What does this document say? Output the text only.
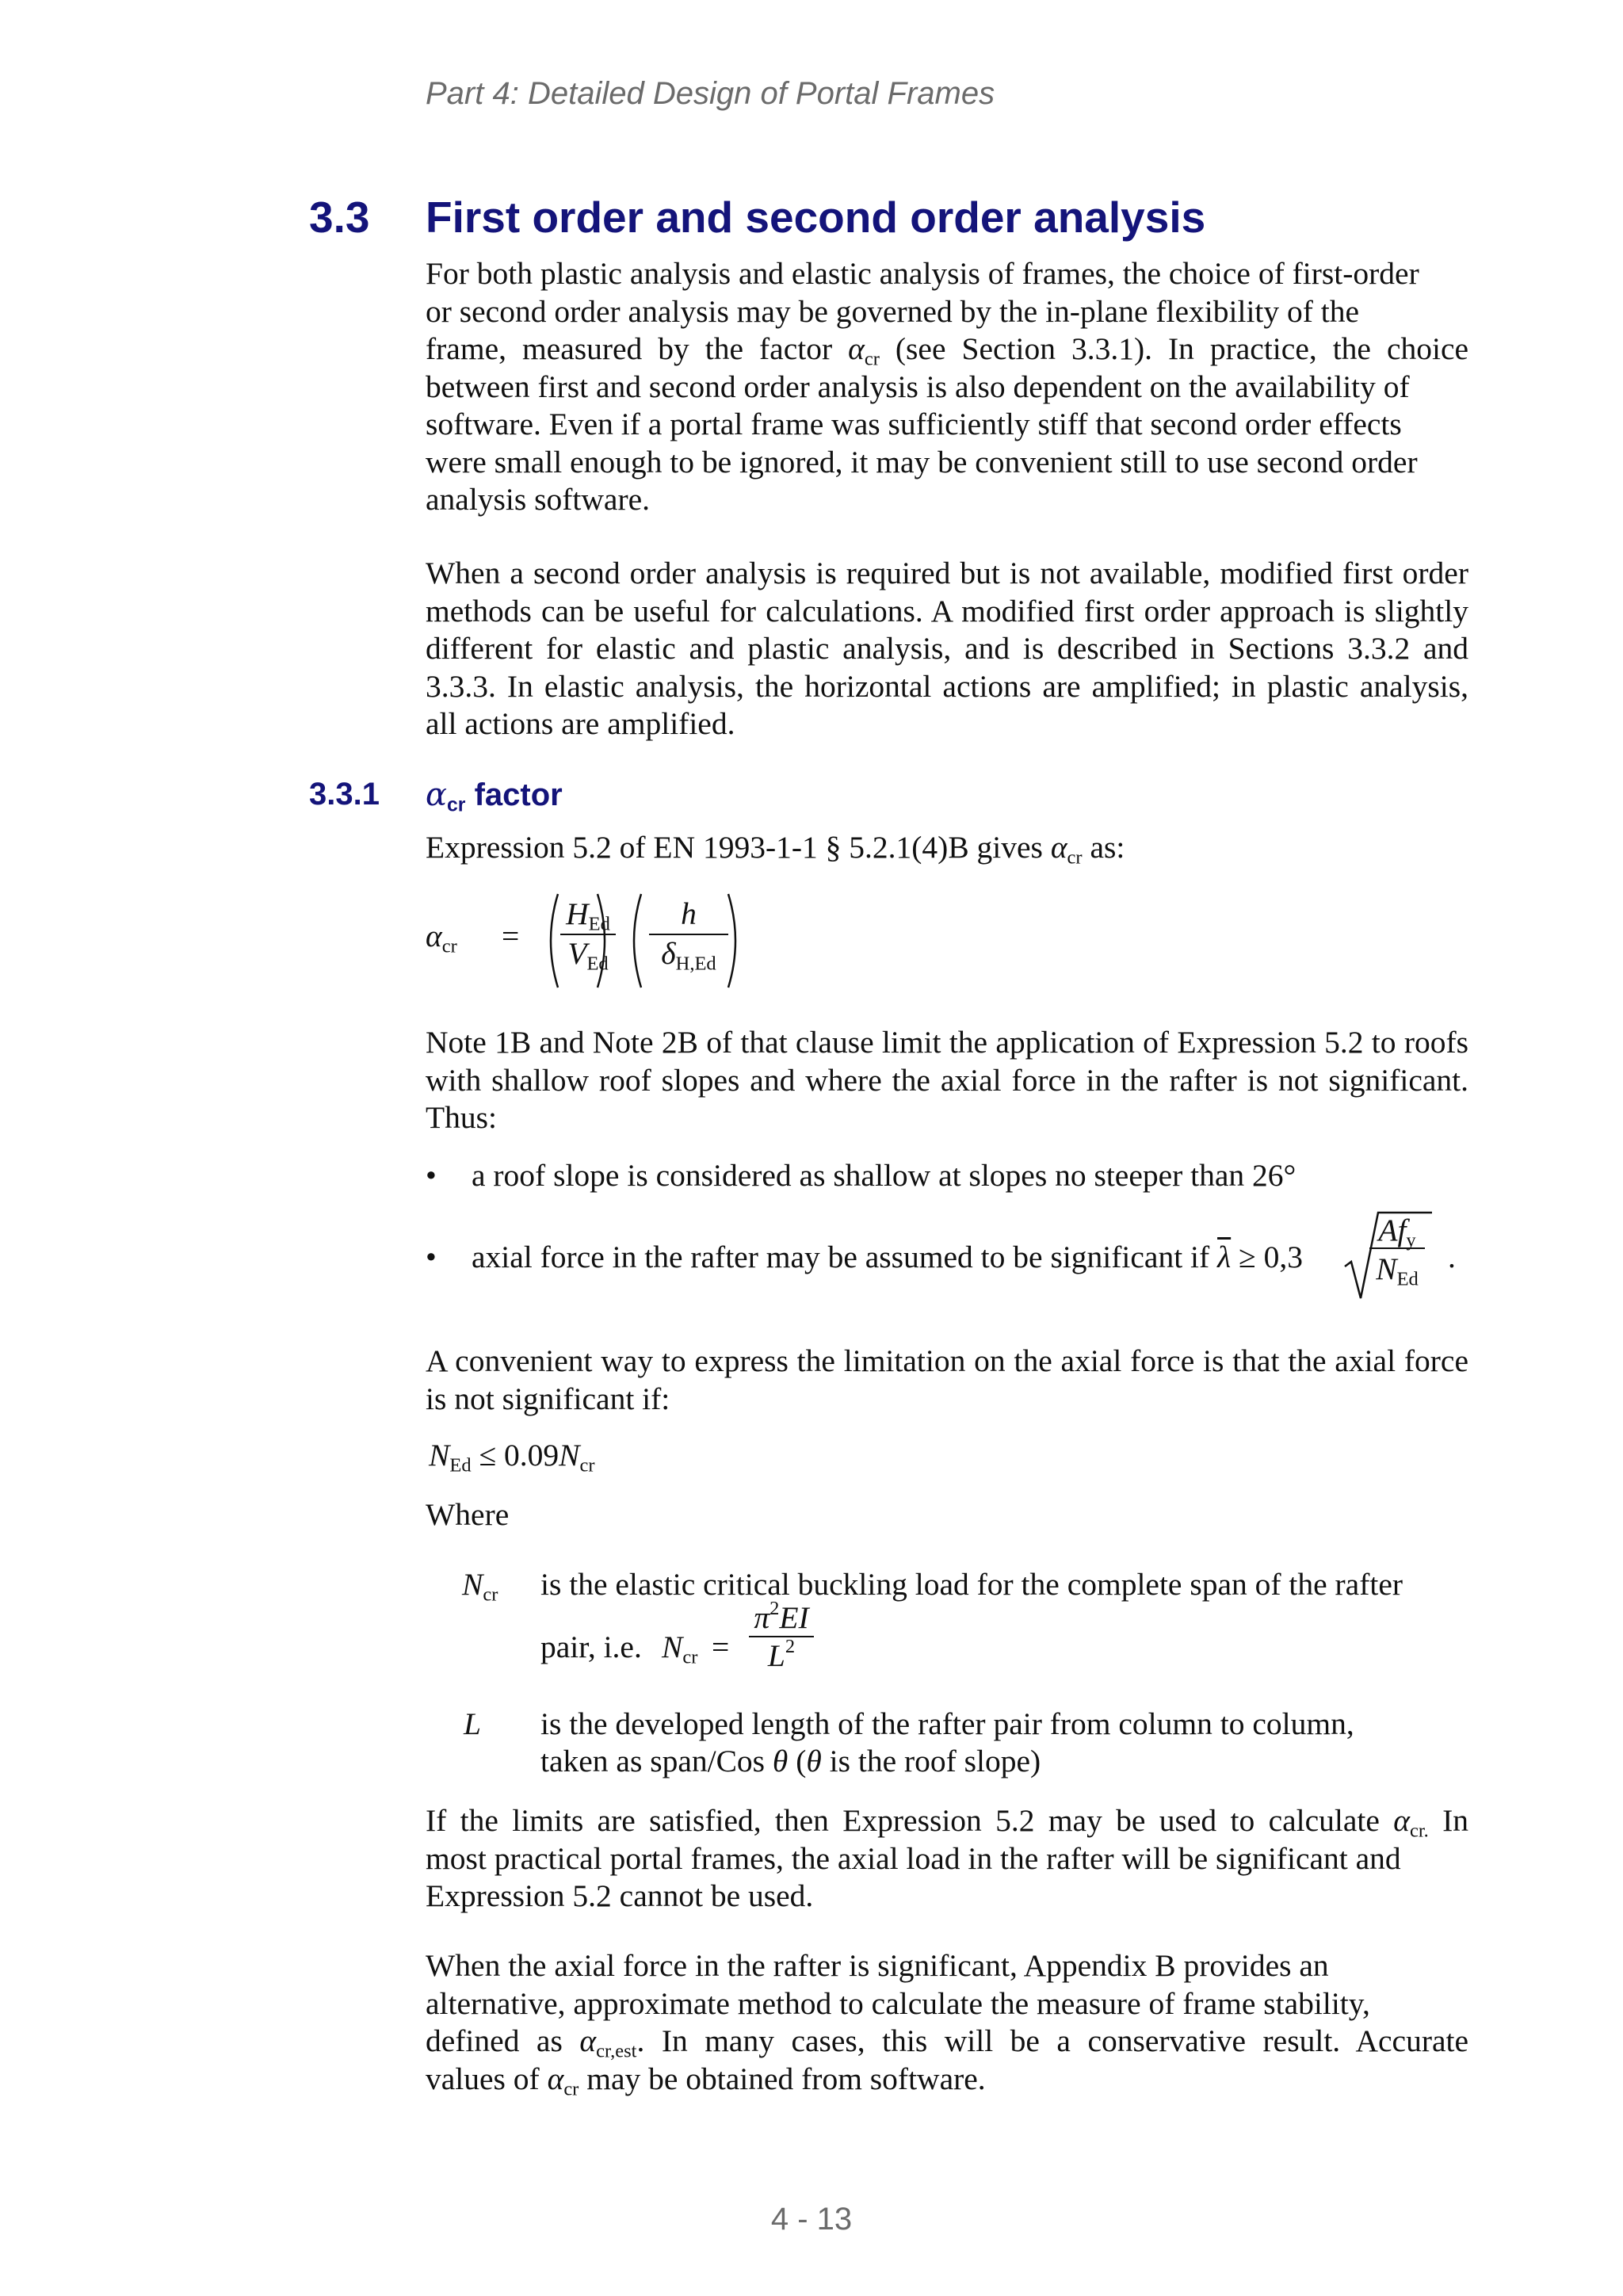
Part 4: Detailed Design of Portal Frames
3.3 First order and second order analysis
For both plastic analysis and elastic analysis of frames, the choice of first-order
or second order analysis may be governed by the in-plane flexibility of the
frame, measured by the factor $\alpha_{cr}$ (see Section 3.3.1). In practice, the choice
between first and second order analysis is also dependent on the availability of
software. Even if a portal frame was sufficiently stiff that second order effects
were small enough to be ignored, it may be convenient still to use second order
analysis software.
When a second order analysis is required but is not available, modified first order methods can be useful for calculations. A modified first order approach is slightly different for elastic and plastic analysis, and is described in Sections 3.3.2 and 3.3.3. In elastic analysis, the horizontal actions are amplified; in plastic analysis, all actions are amplified.
3.3.1 $\alpha_{cr}$ factor
Expression 5.2 of EN 1993-1-1 § 5.2.1(4)B gives $\alpha_{cr}$ as:
$\alpha_{cr}$ =
$H_{Ed}$
$V_{Ed} \frac{h}{\delta_{H,Ed}}$
Note 1B and Note 2B of that clause limit the application of Expression 5.2 to roofs with shallow roof slopes and where the axial force in the rafter is not significant. Thus:
• a roof slope is considered as shallow at slopes no steeper than 26°
• axial force in the rafter may be assumed to be significant if $\overline{\lambda} \ge 0,3$
$Af_y$
$N_{Ed}$
.
A convenient way to express the limitation on the axial force is that the axial force is not significant if:
$N_{Ed} \le 0.09N_{cr}$
Where
$N_{cr}$ is the elastic critical buckling load for the complete span of the rafter
pair, i.e. $N_{cr} = \frac{\pi^2EI}{L^2}$
L is the developed length of the rafter pair from column to column,
taken as span/Cos θ (θ is the roof slope)
If the limits are satisfied, then Expression 5.2 may be used to calculate $\alpha_{cr.}$ In
most practical portal frames, the axial load in the rafter will be significant and
Expression 5.2 cannot be used.
When the axial force in the rafter is significant, Appendix B provides an
alternative, approximate method to calculate the measure of frame stability,
defined as $\alpha_{cr,est}$. In many cases, this will be a conservative result. Accurate
values of $\alpha_{cr}$ may be obtained from software.
4 - 13
